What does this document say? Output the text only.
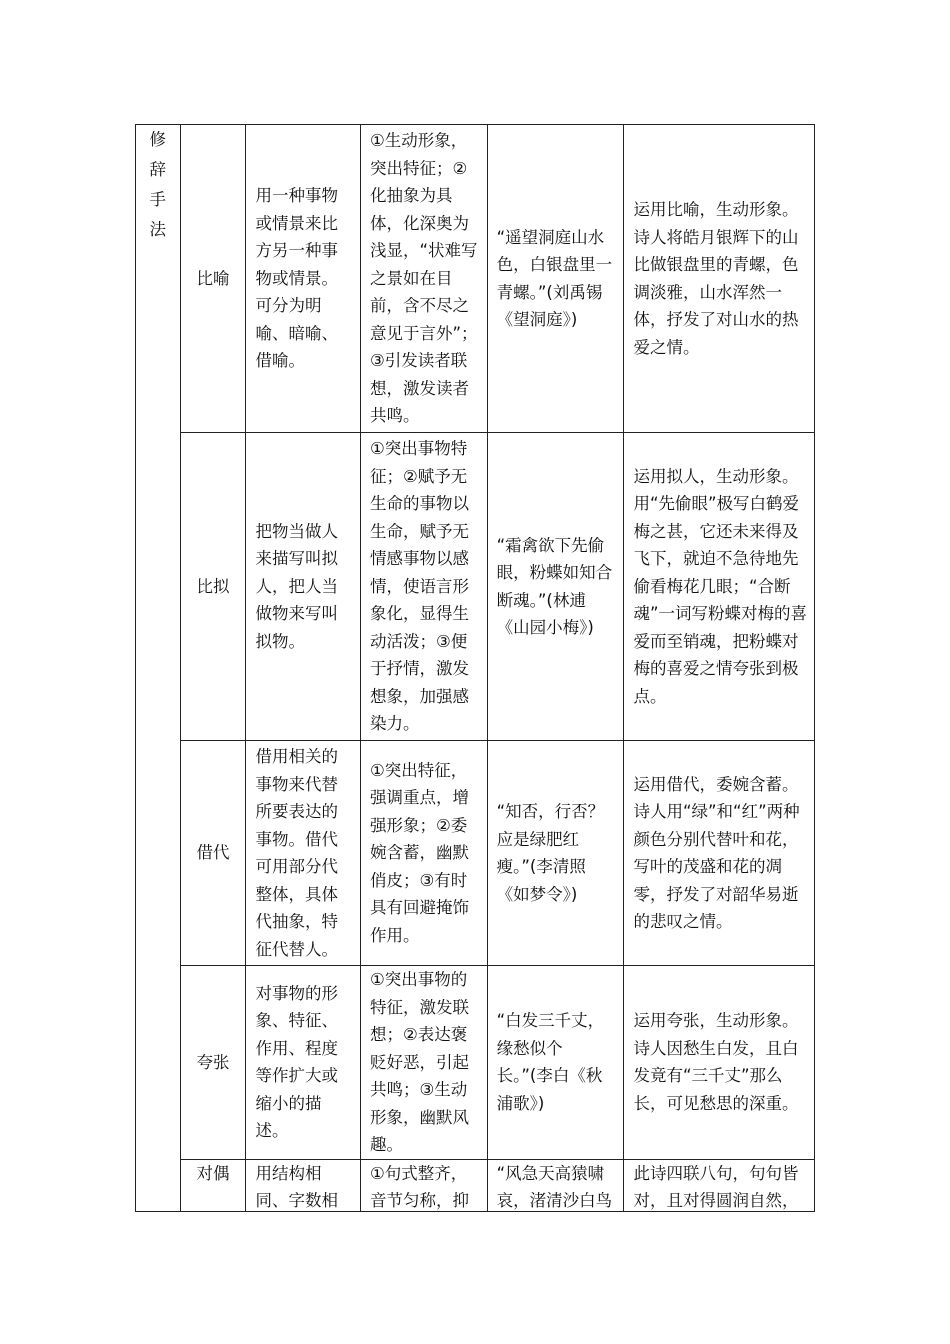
修辞手法	比喻	用一种事物或情景来比方另一种事物或情景。可分为明喻、暗喻、借喻。	①生动形象，突出特征；②化抽象为具体，化深奥为浅显，“状难写之景如在目前，含不尽之意见于言外”；③引发读者联想，激发读者共鸣。	“遥望洞庭山水色，白银盘里一青螺。”(刘禹锡《望洞庭》)	运用比喻，生动形象。诗人将皓月银辉下的山比做银盘里的青螺，色调淡雅，山水浑然一体，抒发了对山水的热爱之情。

	比拟	把物当做人来描写叫拟人，把人当做物来写叫拟物。	①突出事物特征；②赋予无生命的事物以生命，赋予无情感事物以感情，使语言形象化，显得生动活泼；③便于抒情，激发想象，加强感染力。	“霜禽欲下先偷眼，粉蝶如知合断魂。”(林逋《山园小梅》)	运用拟人，生动形象。用“先偷眼”极写白鹤爱梅之甚，它还未来得及飞下，就迫不急待地先偷看梅花几眼；“合断魂”一词写粉蝶对梅的喜爱而至销魂，把粉蝶对梅的喜爱之情夸张到极点。

	借代	借用相关的事物来代替所要表达的事物。借代可用部分代整体，具体代抽象，特征代替人。	①突出特征，强调重点，增强形象；②委婉含蓄，幽默俏皮；③有时具有回避掩饰作用。	“知否，行否？应是绿肥红瘦。”(李清照《如梦令》)	运用借代，委婉含蓄。诗人用“绿”和“红”两种颜色分别代替叶和花，写叶的茂盛和花的凋零，抒发了对韶华易逝的悲叹之情。

	夸张	对事物的形象、特征、作用、程度等作扩大或缩小的描述。	①突出事物的特征，激发联想；②表达褒贬好恶，引起共鸣；③生动形象，幽默风趣。	“白发三千丈，缘愁似个长。”(李白《秋浦歌》)	运用夸张，生动形象。诗人因愁生白发，且白发竟有“三千丈”那么长，可见愁思的深重。

	对偶	用结构相同、字数相	①句式整齐，音节匀称，抑	“风急天高猿啸哀，渚清沙白鸟	此诗四联八句，句句皆对，且对得圆润自然，
